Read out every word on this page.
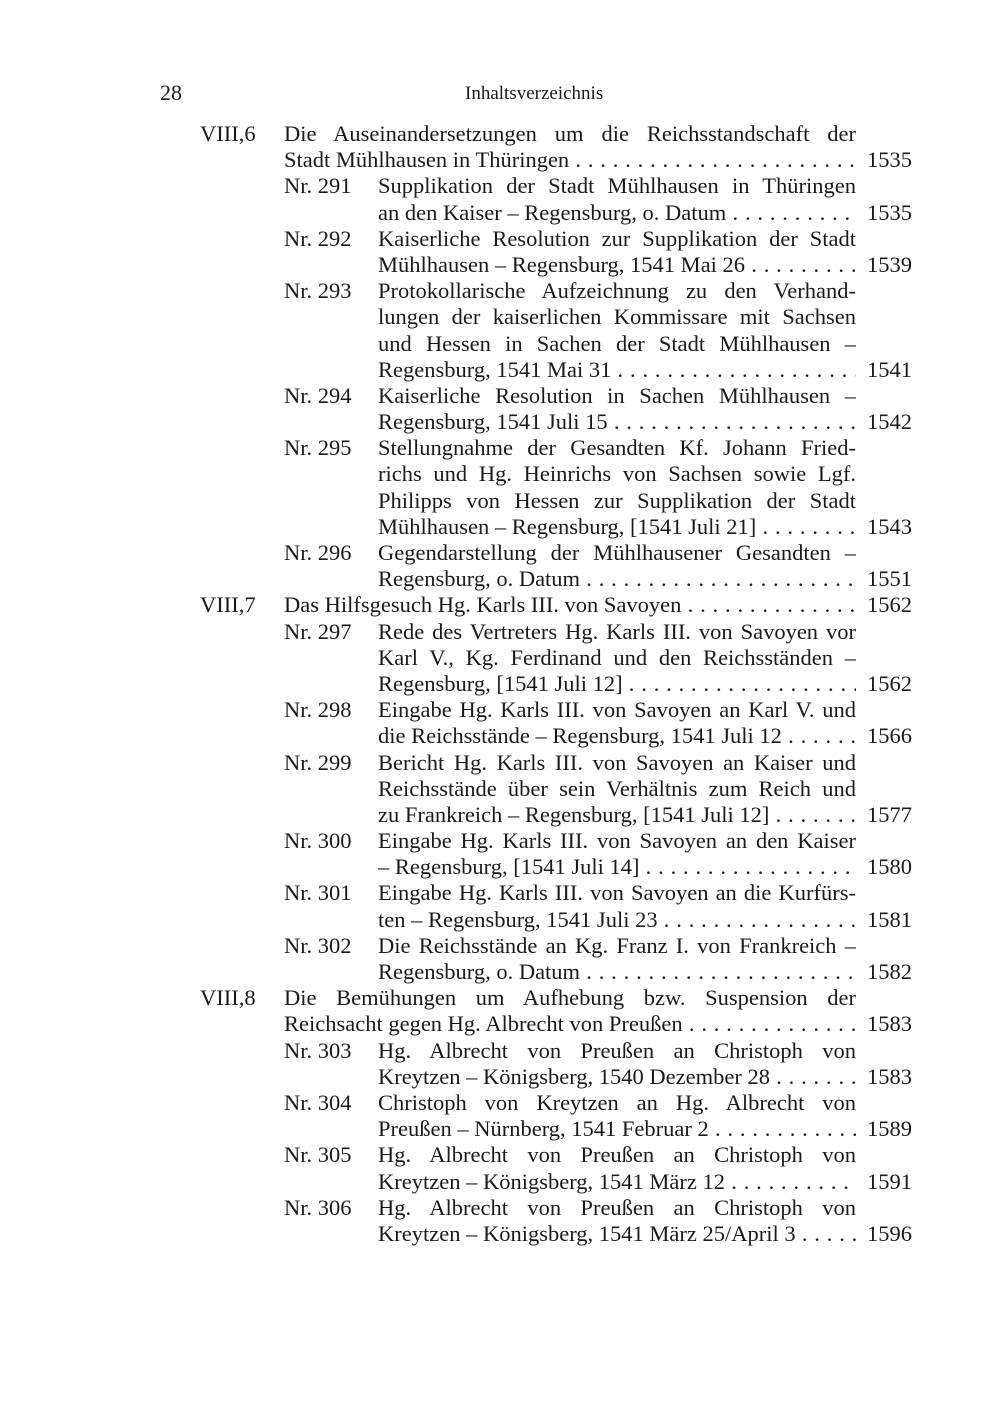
28	Inhaltsverzeichnis
VIII,6 Die Auseinandersetzungen um die Reichsstandschaft der
Stadt Mühlhausen in Thüringen . . .	1535
Nr. 291 Supplikation der Stadt Mühlhausen in Thüringen
an den Kaiser – Regensburg, o. Datum . . .	1535
Nr. 292 Kaiserliche Resolution zur Supplikation der Stadt
Mühlhausen – Regensburg, 1541 Mai 26 . . .	1539
Nr. 293 Protokollarische Aufzeichnung zu den Verhand-
lungen der kaiserlichen Kommissare mit Sachsen
und Hessen in Sachen der Stadt Mühlhausen –
Regensburg, 1541 Mai 31 . . .	1541
Nr. 294 Kaiserliche Resolution in Sachen Mühlhausen –
Regensburg, 1541 Juli 15 . . .	1542
Nr. 295 Stellungnahme der Gesandten Kf. Johann Fried-
richs und Hg. Heinrichs von Sachsen sowie Lgf.
Philipps von Hessen zur Supplikation der Stadt
Mühlhausen – Regensburg, [1541 Juli 21] . . .	1543
Nr. 296 Gegendarstellung der Mühlhausener Gesandten –
Regensburg, o. Datum . . .	1551
VIII,7 Das Hilfsgesuch Hg. Karls III. von Savoyen . . .	1562
Nr. 297 Rede des Vertreters Hg. Karls III. von Savoyen vor
Karl V., Kg. Ferdinand und den Reichsständen –
Regensburg, [1541 Juli 12] . . .	1562
Nr. 298 Eingabe Hg. Karls III. von Savoyen an Karl V. und
die Reichsstände – Regensburg, 1541 Juli 12 . . .	1566
Nr. 299 Bericht Hg. Karls III. von Savoyen an Kaiser und
Reichsstände über sein Verhältnis zum Reich und
zu Frankreich – Regensburg, [1541 Juli 12] . . .	1577
Nr. 300 Eingabe Hg. Karls III. von Savoyen an den Kaiser
– Regensburg, [1541 Juli 14] . . .	1580
Nr. 301 Eingabe Hg. Karls III. von Savoyen an die Kurfürs-
ten – Regensburg, 1541 Juli 23 . . .	1581
Nr. 302 Die Reichsstände an Kg. Franz I. von Frankreich –
Regensburg, o. Datum . . .	1582
VIII,8 Die Bemühungen um Aufhebung bzw. Suspension der
Reichsacht gegen Hg. Albrecht von Preußen . . .	1583
Nr. 303 Hg. Albrecht von Preußen an Christoph von
Kreytzen – Königsberg, 1540 Dezember 28 . . .	1583
Nr. 304 Christoph von Kreytzen an Hg. Albrecht von
Preußen – Nürnberg, 1541 Februar 2 . . .	1589
Nr. 305 Hg. Albrecht von Preußen an Christoph von
Kreytzen – Königsberg, 1541 März 12 . . .	1591
Nr. 306 Hg. Albrecht von Preußen an Christoph von
Kreytzen – Königsberg, 1541 März 25/April 3 . . .	1596
